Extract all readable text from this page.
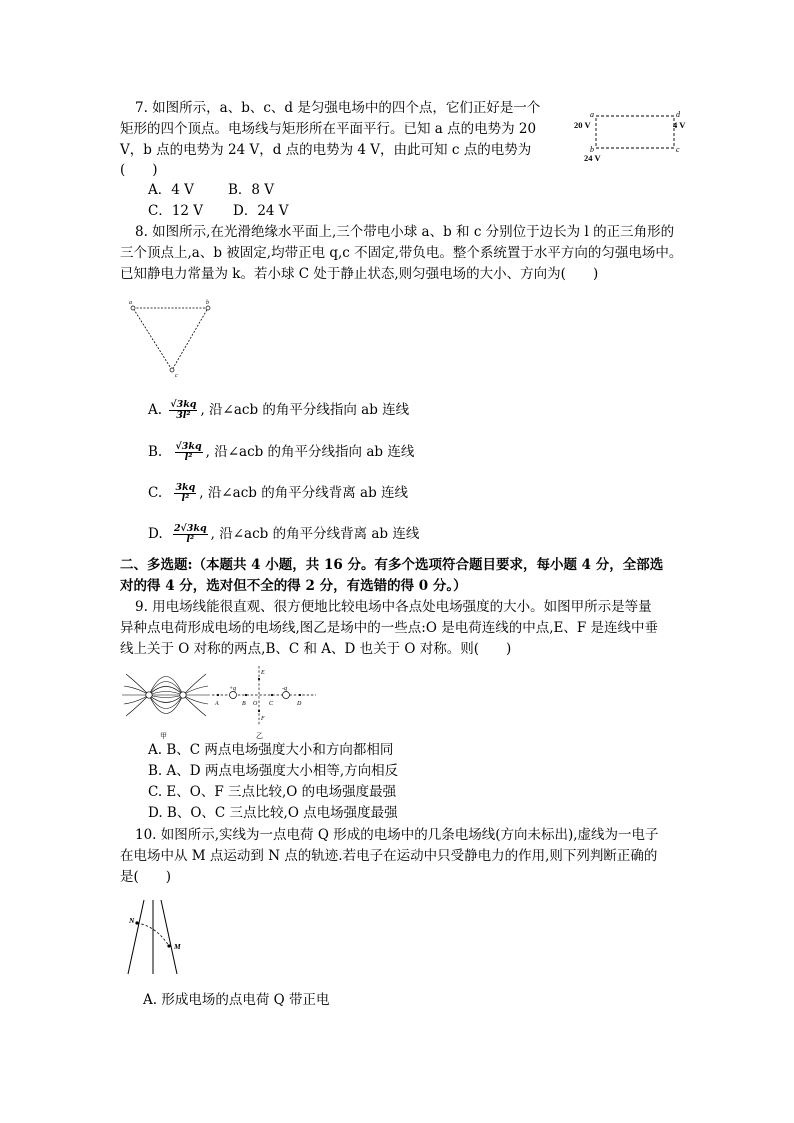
7. 如图所示，a、b、c、d 是匀强电场中的四个点，它们正好是一个
矩形的四个顶点。电场线与矩形所在平面平行。已知 a 点的电势为 20
V，b 点的电势为 24 V，d 点的电势为 4 V，由此可知 c 点的电势为
(　　)
A．4 V	B．8 V
C．12 V D．24 V
a	d
b	c
20 V	4 V
24 V
8. 如图所示,在光滑绝缘水平面上,三个带电小球 a、b 和 c 分别位于边长为 l 的正三角形的
三个顶点上,a、b 被固定,均带正电 q,c 不固定,带负电。整个系统置于水平方向的匀强电场中。
已知静电力常量为 k。若小球 C 处于静止状态,则匀强电场的大小、方向为(　　)
a	b
c
A. $\frac{√3kq}{\text{3l²}}$ , 沿∠acb 的角平分线指向 ab 连线
B. $\frac{√3kq}{\text{l²}}$ , 沿∠acb 的角平分线指向 ab 连线
C. $\frac{3kq}{\text{l²}}$ , 沿∠acb 的角平分线背离 ab 连线
D. $\frac{2√3kq}{\text{l²}}$ , 沿∠acb 的角平分线背离 ab 连线
二、多选题:（本题共 4 小题，共 16 分。有多个选项符合题目要求，每小题 4 分，全部选
对的得 4 分，选对但不全的得 2 分，有选错的得 0 分。）
9. 用电场线能很直观、很方便地比较电场中各点处电场强度的大小。如图甲所示是等量
异种点电荷形成电场的电场线,图乙是场中的一些点:O 是电荷连线的中点,E、F 是连线中垂
线上关于 O 对称的两点,B、C 和 A、D 也关于 O 对称。则(　　)
甲
+q	-q
A	B O C	D
E
F
乙
A. B、C 两点电场强度大小和方向都相同
B. A、D 两点电场强度大小相等,方向相反
C. E、O、F 三点比较,O 的电场强度最强
D. B、O、C 三点比较,O 点电场强度最强
10. 如图所示,实线为一点电荷 Q 形成的电场中的几条电场线(方向未标出),虚线为一电子
在电场中从 M 点运动到 N 点的轨迹.若电子在运动中只受静电力的作用,则下列判断正确的
是(　　)
N
M
A. 形成电场的点电荷 Q 带正电
